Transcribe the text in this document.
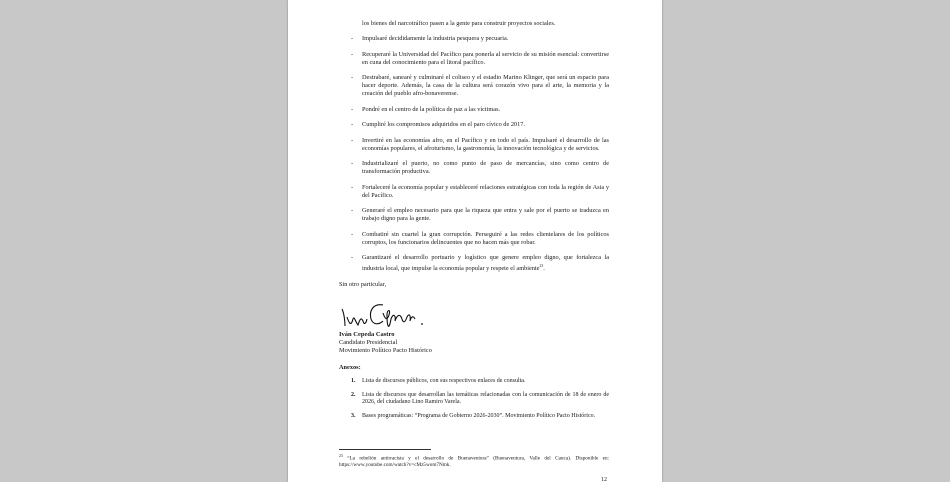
los bienes del narcotráfico pasen a la gente para construir proyectos sociales.
- Impulsaré decididamente la industria pesquera y pecuaria.
- Recuperaré la Universidad del Pacífico para ponerla al servicio de su misión esencial: convertirse en cuna del conocimiento para el litoral pacífico.
- Destrabaré, sanearé y culminaré el coliseo y el estadio Marino Klinger, que será un espacio para hacer deporte. Además, la casa de la cultura será corazón vivo para el arte, la memoria y la creación del pueblo afro-bonaverense.
- Pondré en el centro de la política de paz a las víctimas.
- Cumpliré los compromisos adquiridos en el paro cívico de 2017.
- Invertiré en las economías afro, en el Pacífico y en todo el país. Impulsaré el desarrollo de las economías populares, el afroturismo, la gastronomía, la innovación tecnológica y de servicios.
- Industrializaré el puerto, no como punto de paso de mercancías, sino como centro de transformación productiva.
- Fortaleceré la economía popular y estableceré relaciones estratégicas con toda la región de Asia y del Pacífico.
- Generaré el empleo necesario para que la riqueza que entra y sale por el puerto se traduzca en trabajo digno para la gente.
- Combatiré sin cuartel la gran corrupción. Perseguiré a las redes clientelares de los políticos corruptos, los funcionarios delincuentes que no hacen más que robar.
- Garantizaré el desarrollo portuario y logístico que genere empleo digno, que fortalezca la industria local, que impulse la economía popular y respete el ambiente$^{23}$.
Sin otro particular,
Iván Cepeda Castro
Candidato Presidencial
Movimiento Político Pacto Histórico
Anexos:
1. Lista de discursos públicos, con sus respectivos enlaces de consulta.
2. Lista de discursos que desarrollan las temáticas relacionadas con la comunicación de 18 de enero de 2026, del ciudadano Lino Ramiro Varela.
3. Bases programáticas: “Programa de Gobierno 2026-2030”. Movimiento Político Pacto Histórico.
$^{23}$ “La rebelión antirracista y el desarrollo de Buenaventura” (Buenaventura, Valle del Cauca). Disponible en: https://www.youtube.com/watch?v=cMz5wom7Nmk.
12
